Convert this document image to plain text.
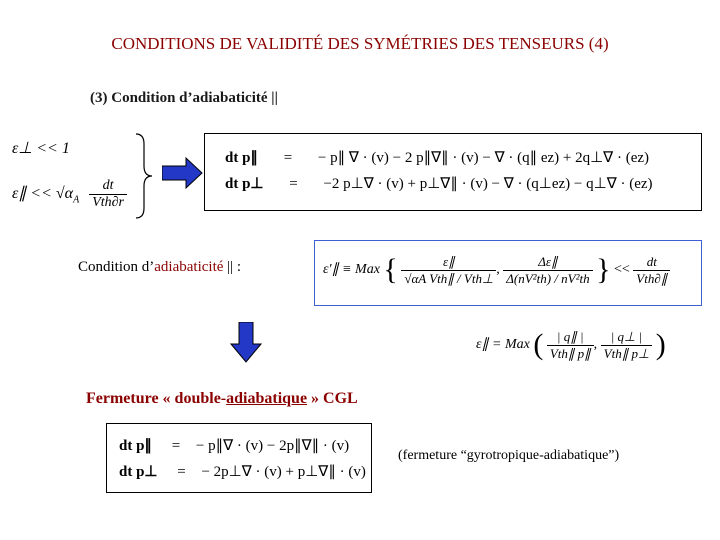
CONDITIONS DE VALIDITÉ DES SYMÉTRIES DES TENSEURS (4)
(3) Condition d’adiabaticité ||
ε⊥ << 1
ε∥ << $√\alpha_A \frac{dt}{\text{Vth∂r}}$
dt p∥ = − p∥ ∇ · (v) − 2 p∥∇∥ · (v) − ∇ · (q∥ ez) + 2q⊥∇ · (ez)
dt p⊥ = −2 p⊥∇ · (v) + p⊥∇∥ · (v) − ∇ · (q⊥ez) − q⊥∇ · (ez)
Condition d’adiabaticité || :	ε′∥ ≡ Max { $\frac{\varepsilon\parallel}{\text{√αA Vth∥ / Vth⊥}}$ , $\frac{\Delta\varepsilon\parallel}{\text{Δ(nV²th) / nV²th}}$ } << $\frac{dt}{\text{Vth∂∥}}$
ε∥ = Max ( $\frac{| q\parallel |}{\text{Vth∥ p∥}}$ , $\frac{| q\perp |}{\text{Vth∥ p⊥}}$ )
Fermeture « double-adiabatique » CGL
dt p∥ = − p∥∇ · (v) − 2p∥∇∥ · (v)
dt p⊥ = − 2p⊥∇ · (v) + p⊥∇∥ · (v)
(fermeture “gyrotropique-adiabatique”)
